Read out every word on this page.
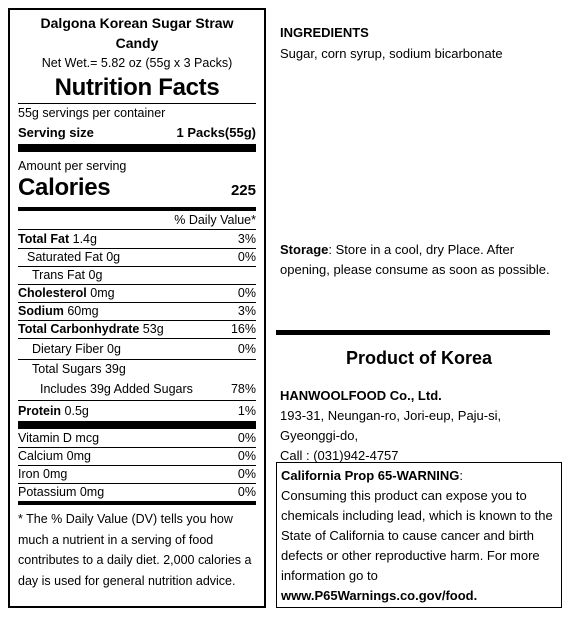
Dalgona Korean Sugar Straw Candy
Net Wet.= 5.82 oz (55g x 3 Packs)
Nutrition Facts
55g servings per container
Serving size	1 Packs(55g)
Amount per serving
Calories	225
% Daily Value*
Total Fat 1.4g	3%
Saturated Fat 0g	0%
Trans Fat 0g
Cholesterol 0mg	0%
Sodium 60mg	3%
Total Carbonhydrate 53g	16%
Dietary Fiber 0g	0%
Total Sugars 39g
Includes 39g Added Sugars	78%
Protein 0.5g	1%
Vitamin D mcg	0%
Calcium 0mg	0%
Iron 0mg	0%
Potassium 0mg	0%
* The % Daily Value (DV) tells you how much a nutrient in a serving of food contributes to a daily diet. 2,000 calories a day is used for general nutrition advice.
INGREDIENTS
Sugar, corn syrup, sodium bicarbonate
Storage: Store in a cool, dry Place. After opening, please consume as soon as possible.
Product of Korea
HANWOOLFOOD Co., Ltd.
193-31, Neungan-ro, Jori-eup, Paju-si,
Gyeonggi-do,
Call : (031)942-4757
California Prop 65-WARNING:
Consuming this product can expose you to chemicals including lead, which is known to the State of California to cause cancer and birth defects or other reproductive harm. For more information go to
www.P65Warnings.co.gov/food.
